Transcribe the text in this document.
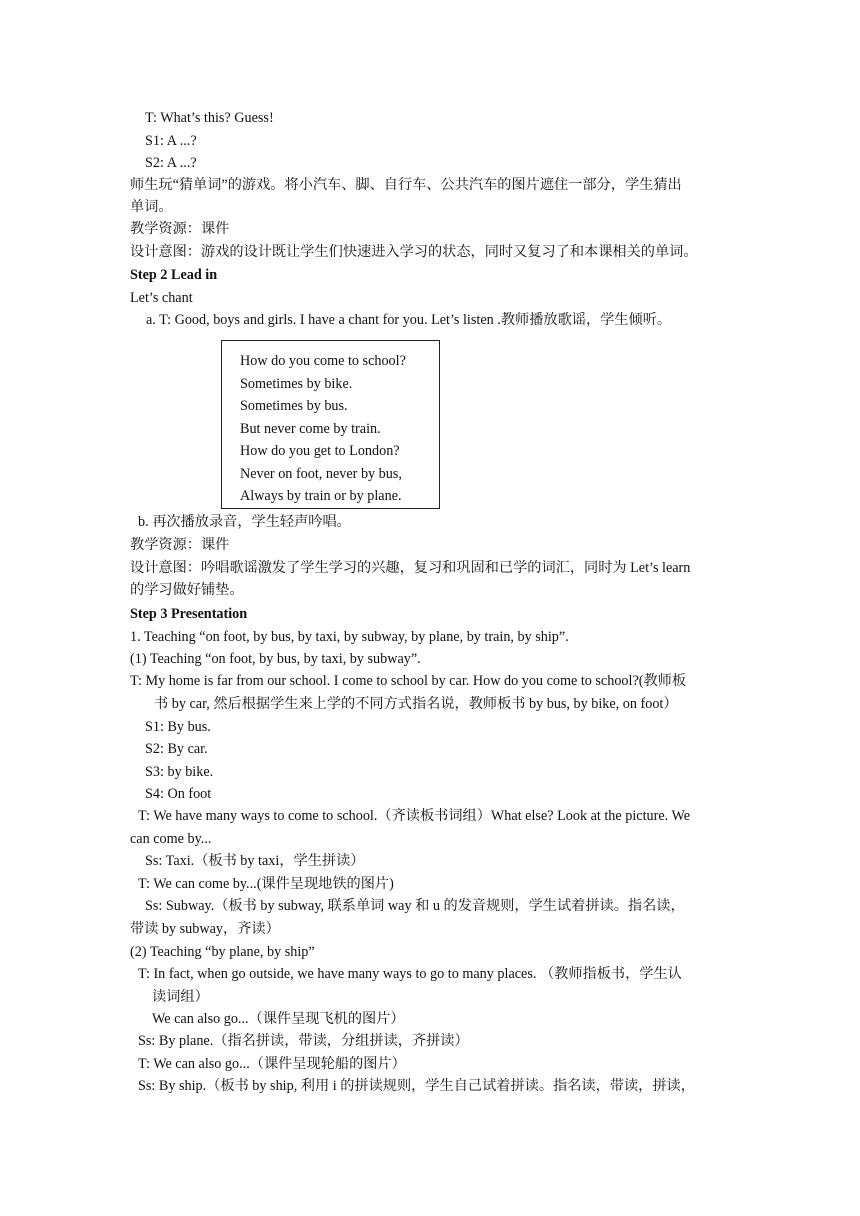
T: What’s this? Guess!
S1: A ...?
S2: A ...?
师生玩“猜单词”的游戏。将小汽车、脚、自行车、公共汽车的图片遮住一部分，学生猜出
单词。
教学资源：课件
设计意图：游戏的设计既让学生们快速进入学习的状态，同时又复习了和本课相关的单词。
Step 2 Lead in
Let’s chant
a. T: Good, boys and girls. I have a chant for you. Let’s listen .教师播放歌谣，学生倾听。
How do you come to school?
Sometimes by bike.
Sometimes by bus.
But never come by train.
How do you get to London?
Never on foot, never by bus,
Always by train or by plane.
b. 再次播放录音，学生轻声吟唱。
教学资源：课件
设计意图：吟唱歌谣激发了学生学习的兴趣，复习和巩固和已学的词汇，同时为 Let’s learn
的学习做好铺垫。
Step 3 Presentation
1. Teaching “on foot, by bus, by taxi, by subway, by plane, by train, by ship”.
(1) Teaching “on foot, by bus, by taxi, by subway”.
T: My home is far from our school. I come to school by car. How do you come to school?(教师板
书 by car, 然后根据学生来上学的不同方式指名说，教师板书 by bus, by bike, on foot）
S1: By bus.
S2: By car.
S3: by bike.
S4: On foot
T: We have many ways to come to school.（齐读板书词组）What else? Look at the picture. We
can come by...
Ss: Taxi.（板书 by taxi，学生拼读）
T: We can come by...(课件呈现地铁的图片)
Ss: Subway.（板书 by subway, 联系单词 way 和 u 的发音规则，学生试着拼读。指名读，
带读 by subway，齐读）
(2) Teaching “by plane, by ship”
T: In fact, when go outside, we have many ways to go to many places. （教师指板书，学生认
读词组）
We can also go...（课件呈现飞机的图片）
Ss: By plane.（指名拼读，带读，分组拼读，齐拼读）
T: We can also go...（课件呈现轮船的图片）
Ss: By ship.（板书 by ship, 利用 i 的拼读规则，学生自己试着拼读。指名读，带读，拼读，
